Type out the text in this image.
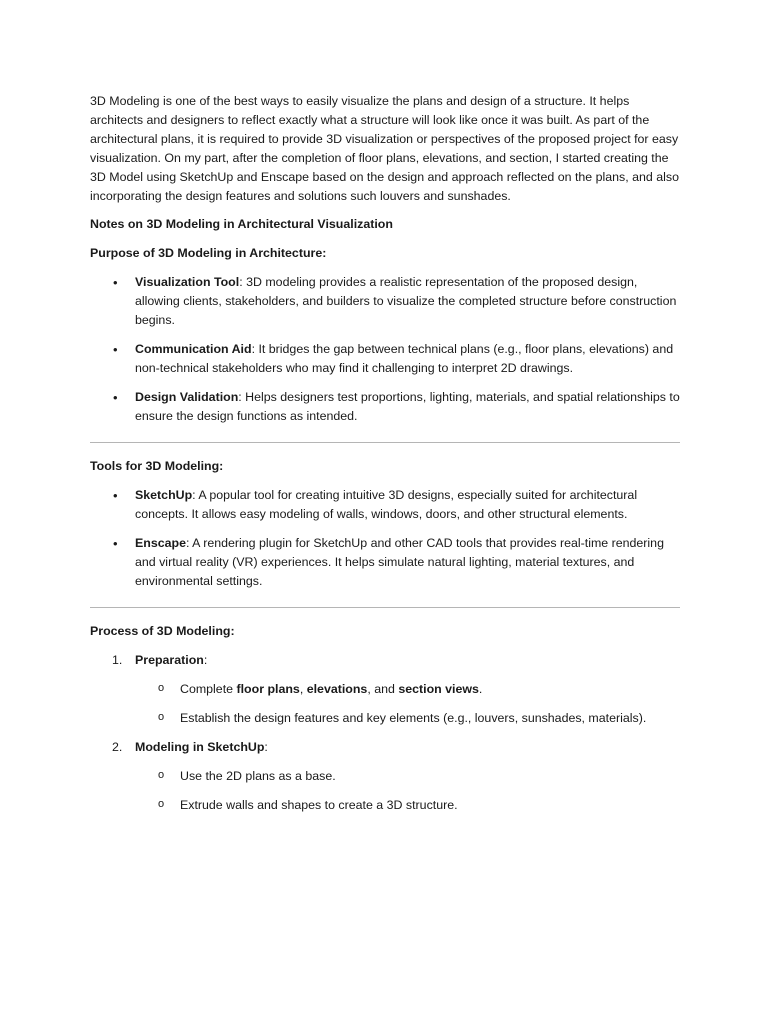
3D Modeling is one of the best ways to easily visualize the plans and design of a structure. It helps architects and designers to reflect exactly what a structure will look like once it was built. As part of the architectural plans, it is required to provide 3D visualization or perspectives of the proposed project for easy visualization. On my part, after the completion of floor plans, elevations, and section, I started creating the 3D Model using SketchUp and Enscape based on the design and approach reflected on the plans, and also incorporating the design features and solutions such louvers and sunshades.

Notes on 3D Modeling in Architectural Visualization

Purpose of 3D Modeling in Architecture:

• Visualization Tool: 3D modeling provides a realistic representation of the proposed design, allowing clients, stakeholders, and builders to visualize the completed structure before construction begins.
• Communication Aid: It bridges the gap between technical plans (e.g., floor plans, elevations) and non-technical stakeholders who may find it challenging to interpret 2D drawings.
• Design Validation: Helps designers test proportions, lighting, materials, and spatial relationships to ensure the design functions as intended.

Tools for 3D Modeling:

• SketchUp: A popular tool for creating intuitive 3D designs, especially suited for architectural concepts. It allows easy modeling of walls, windows, doors, and other structural elements.
• Enscape: A rendering plugin for SketchUp and other CAD tools that provides real-time rendering and virtual reality (VR) experiences. It helps simulate natural lighting, material textures, and environmental settings.

Process of 3D Modeling:

1. Preparation:
o Complete floor plans, elevations, and section views.
o Establish the design features and key elements (e.g., louvers, sunshades, materials).
2. Modeling in SketchUp:
o Use the 2D plans as a base.
o Extrude walls and shapes to create a 3D structure.
